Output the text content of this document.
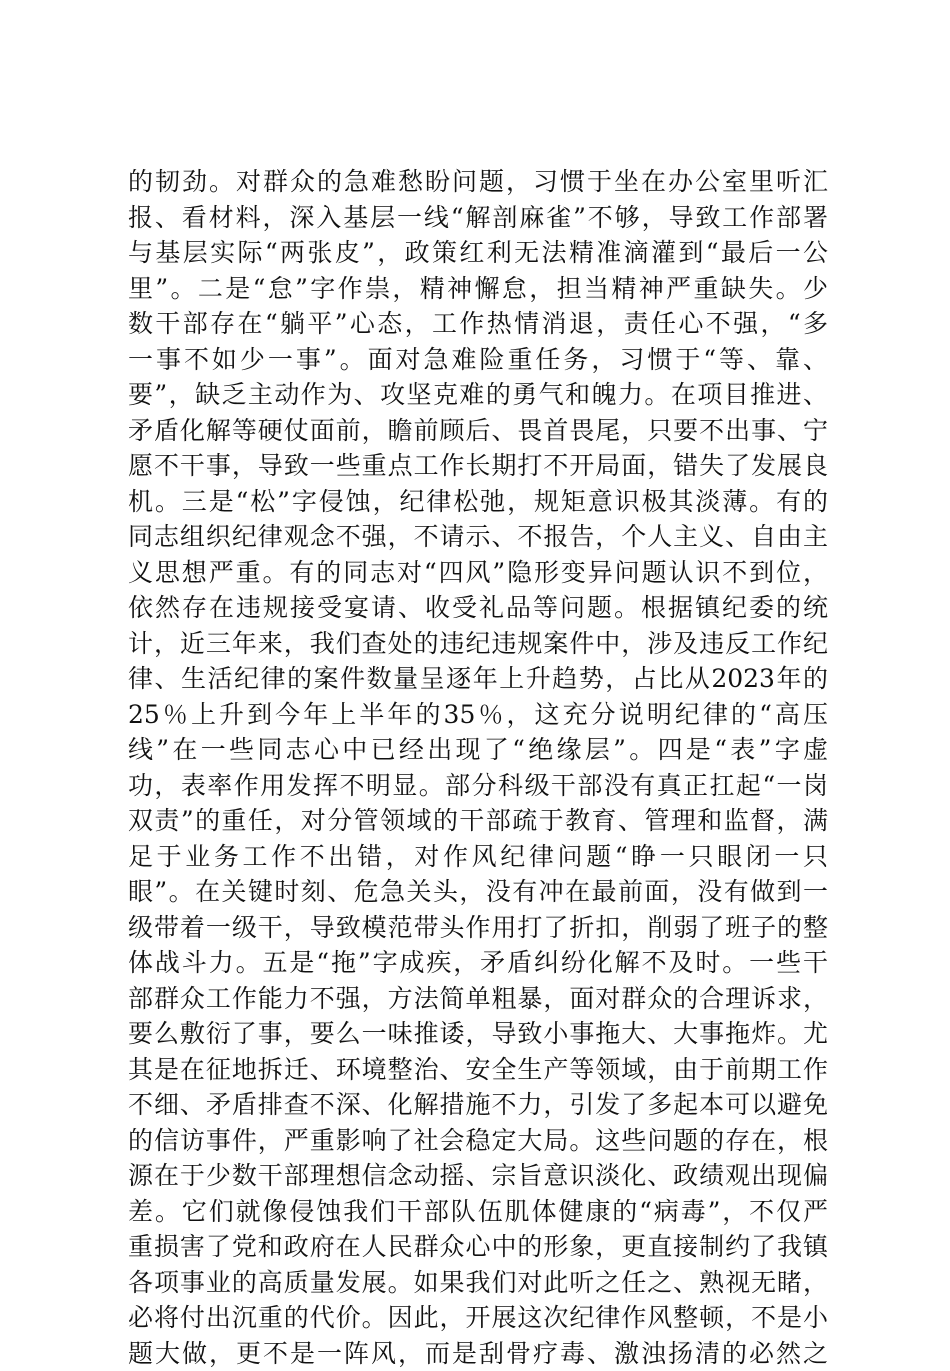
的韧劲。对群众的急难愁盼问题，习惯于坐在办公室里听汇
报、看材料，深入基层一线“解剖麻雀”不够，导致工作部署
与基层实际“两张皮”，政策红利无法精准滴灌到“最后一公
里”。二是“怠”字作祟，精神懈怠，担当精神严重缺失。少
数干部存在“躺平”心态，工作热情消退，责任心不强，“多
一事不如少一事”。面对急难险重任务，习惯于“等、靠、
要”，缺乏主动作为、攻坚克难的勇气和魄力。在项目推进、
矛盾化解等硬仗面前，瞻前顾后、畏首畏尾，只要不出事、宁
愿不干事，导致一些重点工作长期打不开局面，错失了发展良
机。三是“松”字侵蚀，纪律松弛，规矩意识极其淡薄。有的
同志组织纪律观念不强，不请示、不报告，个人主义、自由主
义思想严重。有的同志对“四风”隐形变异问题认识不到位，
依然存在违规接受宴请、收受礼品等问题。根据镇纪委的统
计，近三年来，我们查处的违纪违规案件中，涉及违反工作纪
律、生活纪律的案件数量呈逐年上升趋势，占比从2023年的
25％上升到今年上半年的35％，这充分说明纪律的“高压
线”在一些同志心中已经出现了“绝缘层”。四是“表”字虚
功，表率作用发挥不明显。部分科级干部没有真正扛起“一岗
双责”的重任，对分管领域的干部疏于教育、管理和监督，满
足于业务工作不出错，对作风纪律问题“睁一只眼闭一只
眼”。在关键时刻、危急关头，没有冲在最前面，没有做到一
级带着一级干，导致模范带头作用打了折扣，削弱了班子的整
体战斗力。五是“拖”字成疾，矛盾纠纷化解不及时。一些干
部群众工作能力不强，方法简单粗暴，面对群众的合理诉求，
要么敷衍了事，要么一味推诿，导致小事拖大、大事拖炸。尤
其是在征地拆迁、环境整治、安全生产等领域，由于前期工作
不细、矛盾排查不深、化解措施不力，引发了多起本可以避免
的信访事件，严重影响了社会稳定大局。这些问题的存在，根
源在于少数干部理想信念动摇、宗旨意识淡化、政绩观出现偏
差。它们就像侵蚀我们干部队伍肌体健康的“病毒”，不仅严
重损害了党和政府在人民群众心中的形象，更直接制约了我镇
各项事业的高质量发展。如果我们对此听之任之、熟视无睹，
必将付出沉重的代价。因此，开展这次纪律作风整顿，不是小
题大做，更不是一阵风，而是刮骨疗毒、激浊扬清的必然之
